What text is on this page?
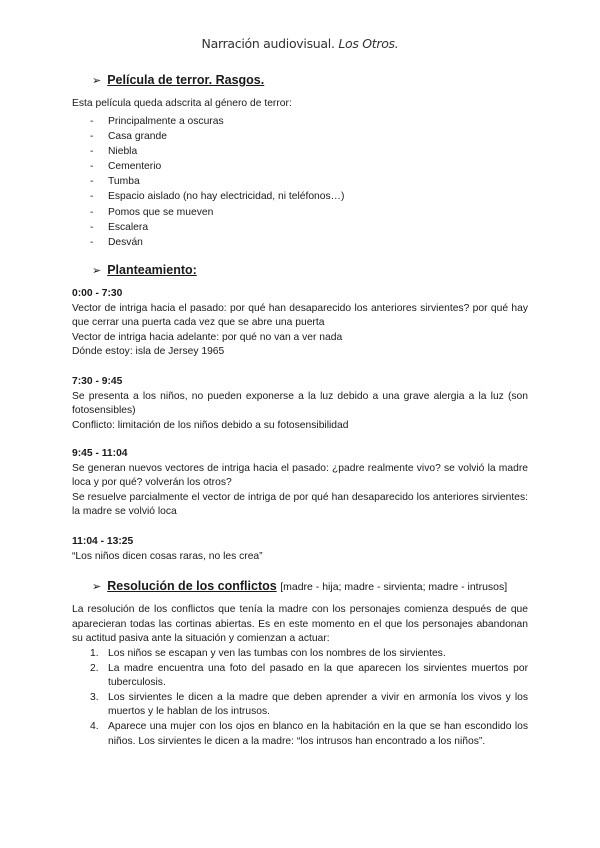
Narración audiovisual. Los Otros.
➢ Película de terror. Rasgos.

Esta película queda adscrita al género de terror:

- Principalmente a oscuras
- Casa grande
- Niebla
- Cementerio
- Tumba
- Espacio aislado (no hay electricidad, ni teléfonos…)
- Pomos que se mueven
- Escalera
- Desván
➢ Planteamiento:

0:00 - 7:30

Vector de intriga hacia el pasado: por qué han desaparecido los anteriores sirvientes? por qué hay que cerrar una puerta cada vez que se abre una puerta

Vector de intriga hacia adelante: por qué no van a ver nada

Dónde estoy: isla de Jersey 1965

7:30 - 9:45

Se presenta a los niños, no pueden exponerse a la luz debido a una grave alergia a la luz (son fotosensibles)

Conflicto: limitación de los niños debido a su fotosensibilidad

9:45 - 11:04

Se generan nuevos vectores de intriga hacia el pasado: ¿padre realmente vivo? se volvió la madre loca y por qué? volverán los otros?

Se resuelve parcialmente el vector de intriga de por qué han desaparecido los anteriores sirvientes: la madre se volvió loca

11:04 - 13:25

“Los niños dicen cosas raras, no les crea”

➢ Resolución de los conflictos [madre - hija; madre - sirvienta; madre - intrusos]

La resolución de los conflictos que tenía la madre con los personajes comienza después de que aparecieran todas las cortinas abiertas. Es en este momento en el que los personajes abandonan su actitud pasiva ante la situación y comienzan a actuar:

1. Los niños se escapan y ven las tumbas con los nombres de los sirvientes.
2. La madre encuentra una foto del pasado en la que aparecen los sirvientes muertos por tuberculosis.
3. Los sirvientes le dicen a la madre que deben aprender a vivir en armonía los vivos y los muertos y le hablan de los intrusos.
4. Aparece una mujer con los ojos en blanco en la habitación en la que se han escondido los niños. Los sirvientes le dicen a la madre: “los intrusos han encontrado a los niños”.
